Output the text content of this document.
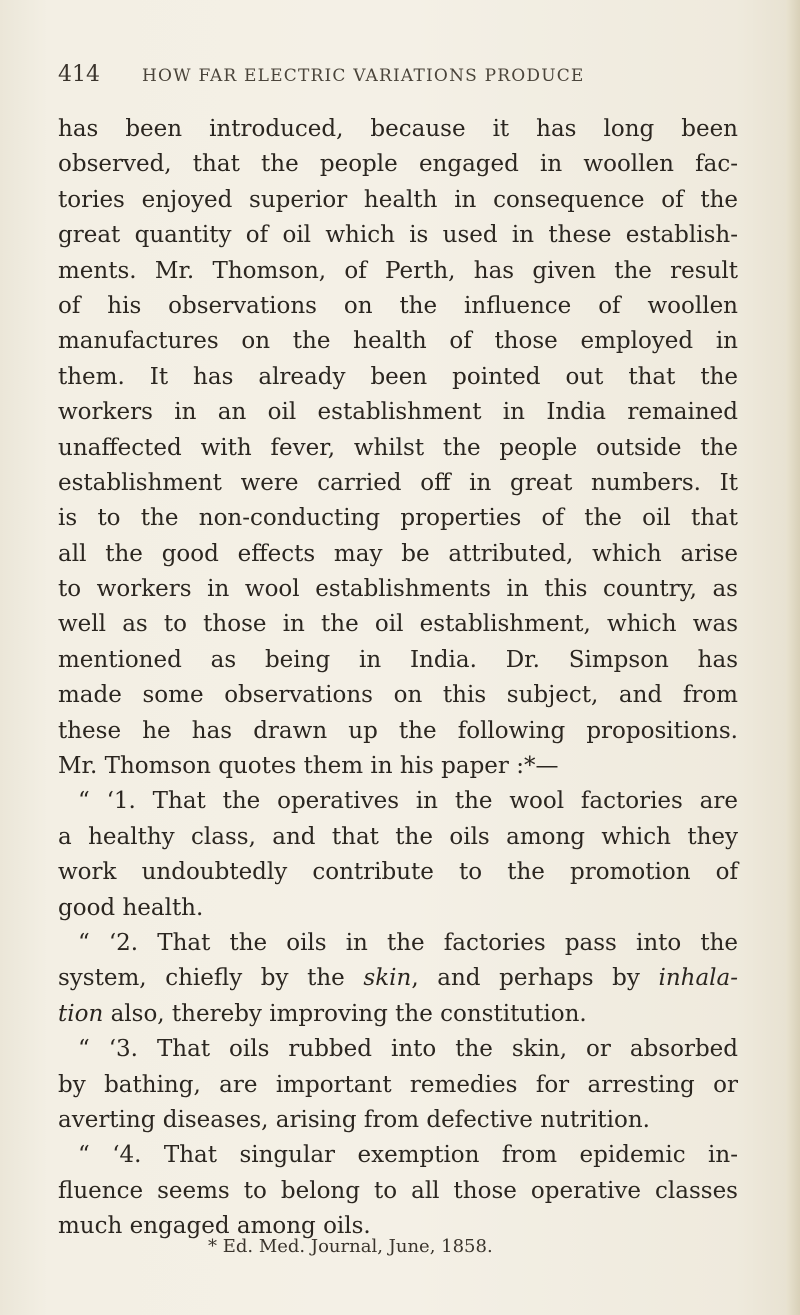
414 HOW FAR ELECTRIC VARIATIONS PRODUCE
has been introduced, because it has long been
observed, that the people engaged in woollen fac-
tories enjoyed superior health in consequence of the
great quantity of oil which is used in these establish-
ments. Mr. Thomson, of Perth, has given the result
of his observations on the influence of woollen
manufactures on the health of those employed in
them. It has already been pointed out that the
workers in an oil establishment in India remained
unaffected with fever, whilst the people outside the
establishment were carried off in great numbers. It
is to the non-conducting properties of the oil that
all the good effects may be attributed, which arise
to workers in wool establishments in this country, as
well as to those in the oil establishment, which was
mentioned as being in India. Dr. Simpson has
made some observations on this subject, and from
these he has drawn up the following propositions.
Mr. Thomson quotes them in his paper :*—
“ ‘1. That the operatives in the wool factories are
a healthy class, and that the oils among which they
work undoubtedly contribute to the promotion of
good health.
“ ‘2. That the oils in the factories pass into the
system, chiefly by the skin, and perhaps by inhala-
tion also, thereby improving the constitution.
“ ‘3. That oils rubbed into the skin, or absorbed
by bathing, are important remedies for arresting or
averting diseases, arising from defective nutrition.
“ ‘4. That singular exemption from epidemic in-
fluence seems to belong to all those operative classes
much engaged among oils.
* Ed. Med. Journal, June, 1858.
